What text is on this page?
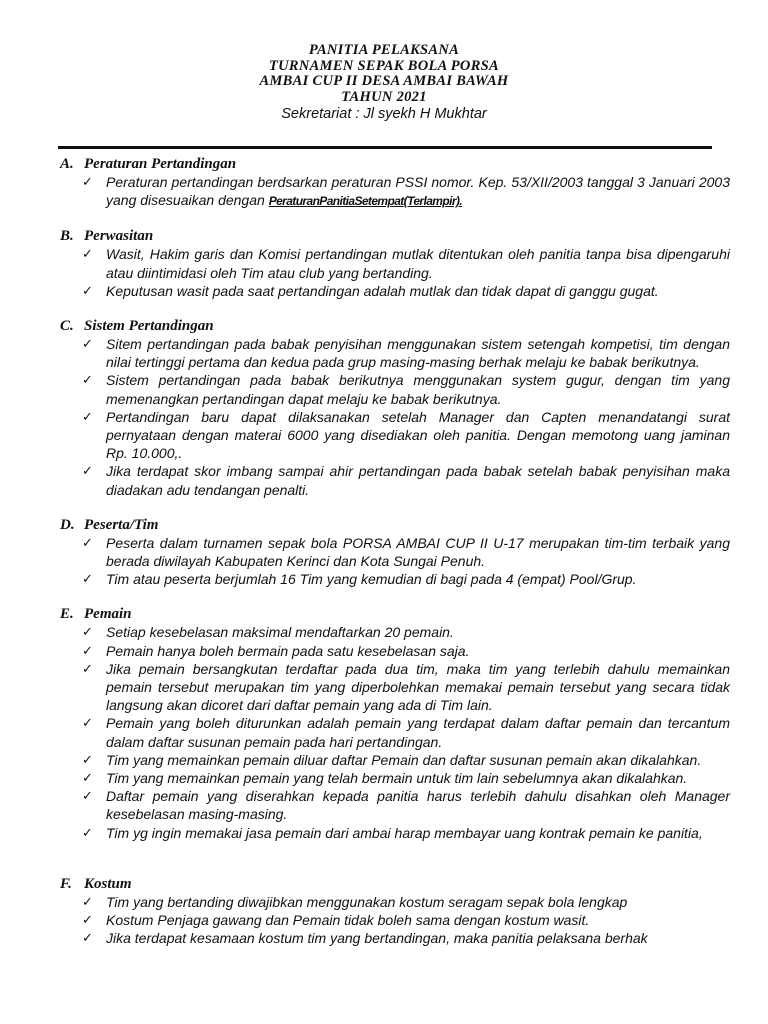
PANITIA PELAKSANA
TURNAMEN SEPAK BOLA PORSA
AMBAI CUP II DESA AMBAI BAWAH
TAHUN 2021
Sekretariat : Jl syekh H Mukhtar
A. Peraturan Pertandingan
✓ Peraturan pertandingan berdsarkan peraturan PSSI nomor. Kep. 53/XII/2003 tanggal 3 Januari 2003 yang disesuaikan dengan PeraturanPanitiaSetempat(Terlampir).
B. Perwasitan
✓ Wasit, Hakim garis dan Komisi pertandingan mutlak ditentukan oleh panitia tanpa bisa dipengaruhi atau diintimidasi oleh Tim atau club yang bertanding.
✓ Keputusan wasit pada saat pertandingan adalah mutlak dan tidak dapat di ganggu gugat.
C. Sistem Pertandingan
✓ Sitem pertandingan pada babak penyisihan menggunakan sistem setengah kompetisi, tim dengan nilai tertinggi pertama dan kedua pada grup masing-masing berhak melaju ke babak berikutnya.
✓ Sistem pertandingan pada babak berikutnya menggunakan system gugur, dengan tim yang memenangkan pertandingan dapat melaju ke babak berikutnya.
✓ Pertandingan baru dapat dilaksanakan setelah Manager dan Capten menandatangi surat pernyataan dengan materai 6000 yang disediakan oleh panitia. Dengan memotong uang jaminan Rp. 10.000,.
✓ Jika terdapat skor imbang sampai ahir pertandingan pada babak setelah babak penyisihan maka diadakan adu tendangan penalti.
D. Peserta/Tim
✓ Peserta dalam turnamen sepak bola PORSA AMBAI CUP II U-17 merupakan tim-tim terbaik yang berada diwilayah Kabupaten Kerinci dan Kota Sungai Penuh.
✓ Tim atau peserta berjumlah 16 Tim yang kemudian di bagi pada 4 (empat) Pool/Grup.
E. Pemain
✓ Setiap kesebelasan maksimal mendaftarkan 20 pemain.
✓ Pemain hanya boleh bermain pada satu kesebelasan saja.
✓ Jika pemain bersangkutan terdaftar pada dua tim, maka tim yang terlebih dahulu memainkan pemain tersebut merupakan tim yang diperbolehkan memakai pemain tersebut yang secara tidak langsung akan dicoret dari daftar pemain yang ada di Tim lain.
✓ Pemain yang boleh diturunkan adalah pemain yang terdapat dalam daftar pemain dan tercantum dalam daftar susunan pemain pada hari pertandingan.
✓ Tim yang memainkan pemain diluar daftar Pemain dan daftar susunan pemain akan dikalahkan.
✓ Tim yang memainkan pemain yang telah bermain untuk tim lain sebelumnya akan dikalahkan.
✓ Daftar pemain yang diserahkan kepada panitia harus terlebih dahulu disahkan oleh Manager kesebelasan masing-masing.
✓ Tim yg ingin memakai jasa pemain dari ambai harap membayar uang kontrak pemain ke panitia,
F. Kostum
✓ Tim yang bertanding diwajibkan menggunakan kostum seragam sepak bola lengkap
✓ Kostum Penjaga gawang dan Pemain tidak boleh sama dengan kostum wasit.
✓ Jika terdapat kesamaan kostum tim yang bertandingan, maka panitia pelaksana berhak
